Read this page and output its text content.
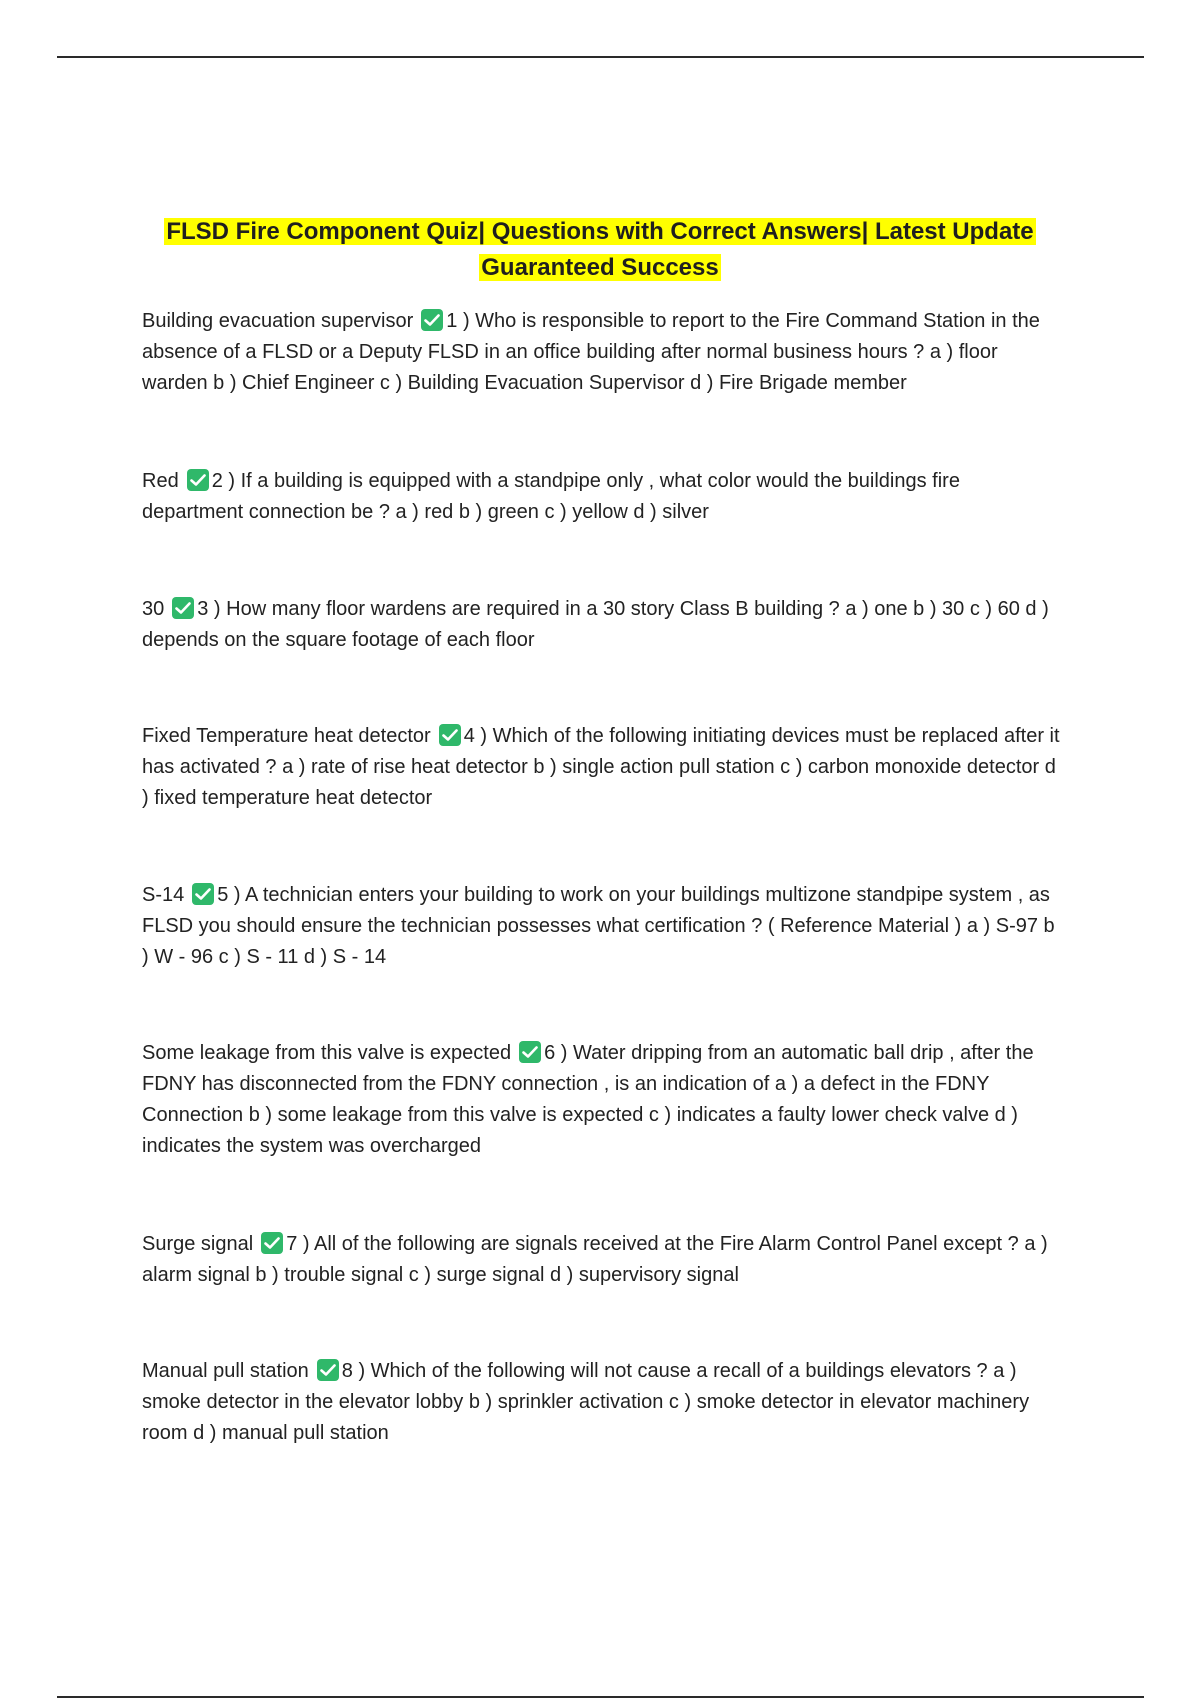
FLSD Fire Component Quiz| Questions with Correct Answers| Latest Update
Guaranteed Success
Building evacuation supervisor 1 ) Who is responsible to report to the Fire Command Station in the absence of a FLSD or a Deputy FLSD in an office building after normal business hours ? a ) floor warden b ) Chief Engineer c ) Building Evacuation Supervisor d ) Fire Brigade member
Red 2 ) If a building is equipped with a standpipe only , what color would the buildings fire department connection be ? a ) red b ) green c ) yellow d ) silver
30 3 ) How many floor wardens are required in a 30 story Class B building ? a ) one b ) 30 c ) 60 d ) depends on the square footage of each floor
Fixed Temperature heat detector 4 ) Which of the following initiating devices must be replaced after it has activated ? a ) rate of rise heat detector b ) single action pull station c ) carbon monoxide detector d ) fixed temperature heat detector
S-14 5 ) A technician enters your building to work on your buildings multizone standpipe system , as FLSD you should ensure the technician possesses what certification ? ( Reference Material ) a ) S-97 b ) W - 96 c ) S - 11 d ) S - 14
Some leakage from this valve is expected 6 ) Water dripping from an automatic ball drip , after the FDNY has disconnected from the FDNY connection , is an indication of a ) a defect in the FDNY Connection b ) some leakage from this valve is expected c ) indicates a faulty lower check valve d ) indicates the system was overcharged
Surge signal 7 ) All of the following are signals received at the Fire Alarm Control Panel except ? a ) alarm signal b ) trouble signal c ) surge signal d ) supervisory signal
Manual pull station 8 ) Which of the following will not cause a recall of a buildings elevators ? a ) smoke detector in the elevator lobby b ) sprinkler activation c ) smoke detector in elevator machinery room d ) manual pull station
